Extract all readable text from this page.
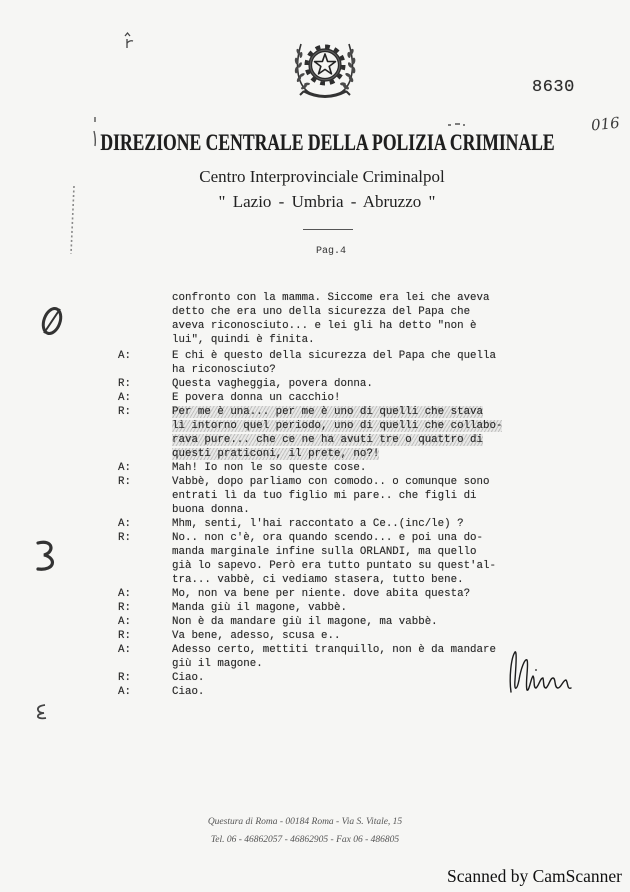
8630
016
DIREZIONE CENTRALE DELLA POLIZIA CRIMINALE
Centro Interprovinciale Criminalpol
" Lazio - Umbria - Abruzzo "
Pag.4
confronto con la mamma. Siccome era lei che aveva
detto che era uno della sicurezza del Papa che
aveva riconosciuto... e lei gli ha detto "non è
lui", quindi è finita.
A:	E chi è questo della sicurezza del Papa che quella
ha riconosciuto?
R:	Questa vagheggia, povera donna.
A:	E povera donna un cacchio!
R:	Per me è una... per me è uno di quelli che stava
lì intorno quel periodo, uno di quelli che collabo-
rava pure... che ce ne ha avuti tre o quattro di
questi praticoni, il prete, no?!
A:	Mah! Io non le so queste cose.
R:	Vabbè, dopo parliamo con comodo.. o comunque sono
entrati lì da tuo figlio mi pare.. che figli di
buona donna.
A:	Mhm, senti, l'hai raccontato a Ce..(inc/le) ?
R:	No.. non c'è, ora quando scendo... e poi una do-
manda marginale infine sulla ORLANDI, ma quello
già lo sapevo. Però era tutto puntato su quest'al-
tra... vabbè, ci vediamo stasera, tutto bene.
A:	Mo, non va bene per niente. dove abita questa?
R:	Manda giù il magone, vabbè.
A:	Non è da mandare giù il magone, ma vabbè.
R:	Va bene, adesso, scusa e..
A:	Adesso certo, mettiti tranquillo, non è da mandare
giù il magone.
R:	Ciao.
A:	Ciao.
Questura di Roma - 00184 Roma - Via S. Vitale, 15
Tel. 06 - 46862057 - 46862905 - Fax 06 - 486805
Scanned by CamScanner
